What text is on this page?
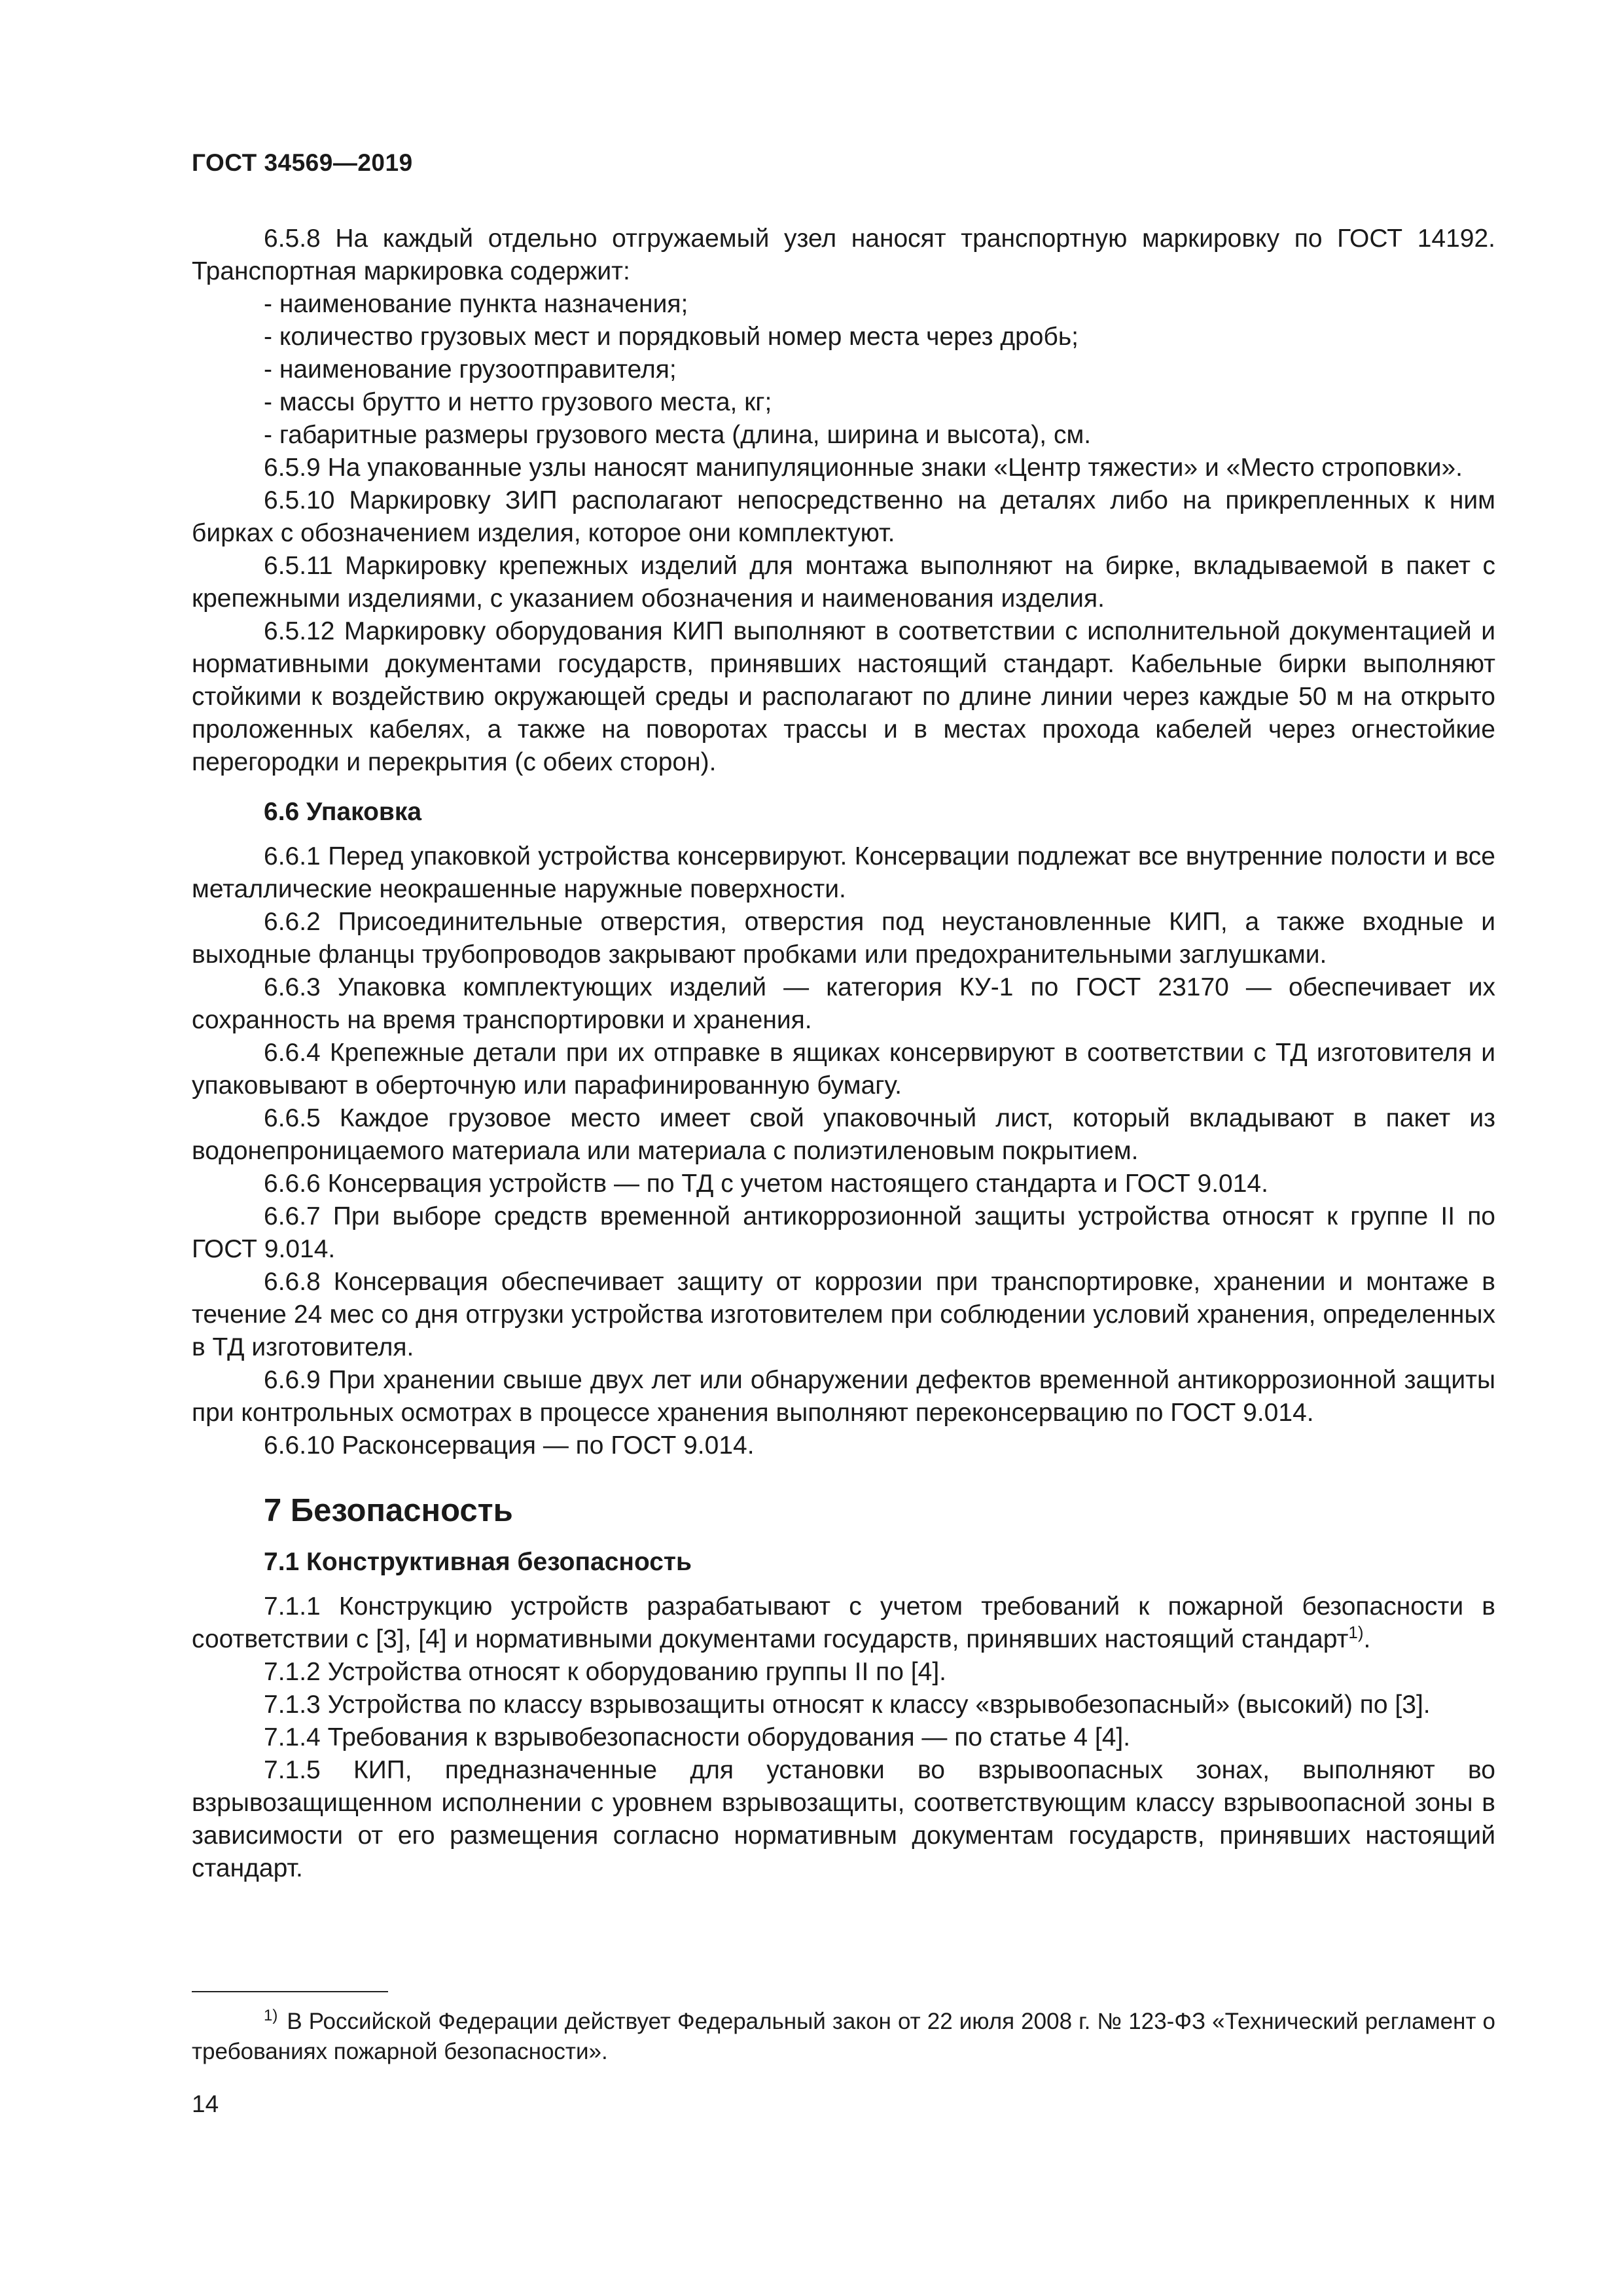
ГОСТ 34569—2019

6.5.8 На каждый отдельно отгружаемый узел наносят транспортную маркировку по ГОСТ 14192. Транспортная маркировка содержит:

- наименование пункта назначения;

- количество грузовых мест и порядковый номер места через дробь;

- наименование грузоотправителя;

- массы брутто и нетто грузового места, кг;

- габаритные размеры грузового места (длина, ширина и высота), см.

6.5.9 На упакованные узлы наносят манипуляционные знаки «Центр тяжести» и «Место строповки».

6.5.10 Маркировку ЗИП располагают непосредственно на деталях либо на прикрепленных к ним бирках с обозначением изделия, которое они комплектуют.

6.5.11 Маркировку крепежных изделий для монтажа выполняют на бирке, вкладываемой в пакет с крепежными изделиями, с указанием обозначения и наименования изделия.

6.5.12 Маркировку оборудования КИП выполняют в соответствии с исполнительной документацией и нормативными документами государств, принявших настоящий стандарт. Кабельные бирки выполняют стойкими к воздействию окружающей среды и располагают по длине линии через каждые 50 м на открыто проложенных кабелях, а также на поворотах трассы и в местах прохода кабелей через огнестойкие перегородки и перекрытия (с обеих сторон).

6.6 Упаковка

6.6.1 Перед упаковкой устройства консервируют. Консервации подлежат все внутренние полости и все металлические неокрашенные наружные поверхности.

6.6.2 Присоединительные отверстия, отверстия под неустановленные КИП, а также входные и выходные фланцы трубопроводов закрывают пробками или предохранительными заглушками.

6.6.3 Упаковка комплектующих изделий — категория КУ-1 по ГОСТ 23170 — обеспечивает их сохранность на время транспортировки и хранения.

6.6.4 Крепежные детали при их отправке в ящиках консервируют в соответствии с ТД изготовителя и упаковывают в оберточную или парафинированную бумагу.

6.6.5 Каждое грузовое место имеет свой упаковочный лист, который вкладывают в пакет из водонепроницаемого материала или материала с полиэтиленовым покрытием.

6.6.6 Консервация устройств — по ТД с учетом настоящего стандарта и ГОСТ 9.014.

6.6.7 При выборе средств временной антикоррозионной защиты устройства относят к группе II по ГОСТ 9.014.

6.6.8 Консервация обеспечивает защиту от коррозии при транспортировке, хранении и монтаже в течение 24 мес со дня отгрузки устройства изготовителем при соблюдении условий хранения, определенных в ТД изготовителя.

6.6.9 При хранении свыше двух лет или обнаружении дефектов временной антикоррозионной защиты при контрольных осмотрах в процессе хранения выполняют переконсервацию по ГОСТ 9.014.

6.6.10 Расконсервация — по ГОСТ 9.014.

7 Безопасность
7.1 Конструктивная безопасность

7.1.1 Конструкцию устройств разрабатывают с учетом требований к пожарной безопасности в соответствии с [3], [4] и нормативными документами государств, принявших настоящий стандарт$^{1)}$.

7.1.2 Устройства относят к оборудованию группы II по [4].

7.1.3 Устройства по классу взрывозащиты относят к классу «взрывобезопасный» (высокий) по [3].

7.1.4 Требования к взрывобезопасности оборудования — по статье 4 [4].

7.1.5 КИП, предназначенные для установки во взрывоопасных зонах, выполняют во взрывозащищенном исполнении с уровнем взрывозащиты, соответствующим классу взрывоопасной зоны в зависимости от его размещения согласно нормативным документам государств, принявших настоящий стандарт.

$^{1)}$ В Российской Федерации действует Федеральный закон от 22 июля 2008 г. № 123-ФЗ «Технический регламент о требованиях пожарной безопасности».
14
